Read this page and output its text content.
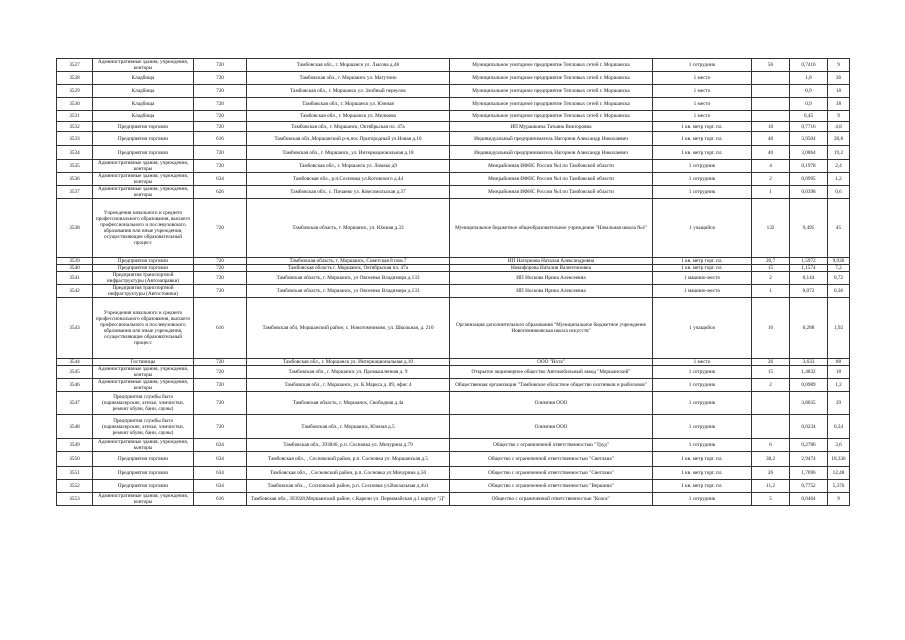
3527	Административные здания, учреждения, конторы	720	Тамбовская обл., г. Моршанск ул. Лысова д.48	Муниципальное унитарное предприятие Тепловых сетей г. Моршанска	1 сотрудник	56	0,7416	9
3528	Кладбища	720	Тамбовская обл., г. Моршанск ул. Матутино	Муниципальное унитарное предприятие Тепловых сетей г. Моршанска	1 место		1,8	36
3529	Кладбища	720	Тамбовская обл., г. Моршанск ул. Злобный переулок	Муниципальное унитарное предприятие Тепловых сетей г. Моршанска	1 место		0,9	18
3530	Кладбища	720	Тамбовская обл., г. Моршанск ул. Южная	Муниципальное унитарное предприятие Тепловых сетей г. Моршанска	1 место		0,9	18
3531	Кладбища	720	Тамбовская обл., г. Моршанск ул. Милюева	Муниципальное унитарное предприятие Тепловых сетей г. Моршанска	1 место		0,45	9
3532	Предприятия торговли	720	Тамбовская обл., г. Моршанск, Октябрьская пл. 47а	ИП Мурашкина Татьяна Викторовна	1 кв. метр торг. пл.	10	0,7716	4,8
3533	Предприятия торговли	616	Тамбовская обл.,Моршанский р-н,пос.Пригородный ул.Новая д.10	Индивидуальный предприниматель Нагорнов Александр Николаевич	1 кв. метр торг. пл.	40	3,9504	28,8
3534	Предприятия торговли	720	Тамбовская обл., г. Моршанск, ул. Интернациональная д.18	Индивидуальный предприниматель Нагорнов Александр Николаевич	1 кв. метр торг. пл.	40	3,0864	19,2
3535	Административные здания, учреждения, конторы	720	Тамбовская обл., г. Моршанск ул. Ломако д9	Межрайонная ИФНС России №4 по Тамбовской области	1 сотрудник	4	0,1978	2,4
3536	Административные здания, учреждения, конторы	634	Тамбовская обл., р.п.Сосновка ул.Котовского д.44	Межрайонная ИФНС России №4 по Тамбовской области	1 сотрудник	2	0,0995	1,2
3537	Административные здания, учреждения, конторы	626	Тамбовская обл., с. Пичаево ул. Комсомольская д.37	Межрайонная ИФНС России №4 по Тамбовской области	1 сотрудник	1	0,0398	0,6
3538	Учреждения начального и среднего профессионального образования, высшего профессионального и послевузовского образования или иные учреждения, осуществляющие образовательный процесс	720	Тамбовская область, г. Моршанск, ул. Южная д.33	Муниципальное бюджетное общеобразовательное учреждение "Начальная школа №4"	1 учащийся	132	9,495	45
3539	Предприятия торговли	720	Тамбовская область, г. Моршанск, Советская 8 пом.7	ИП Нагорнова Наталья Александровна	1 кв. метр торг. пл.	20,7	1,5972	9,936
3540	Предприятия торговли	720	Тамбовская область г. Моршанск, Октябрьская пл. 47а	Никифорова Наталия Валентиновна	1 кв. метр торг. пл.	15	1,1574	7,2
3541	Предприятия транспортной инфраструктуры (Автозаправки)	720	Тамбовская область, г. Моршанск, ул Овсеенко Владимира д.133	ИП Носкова Ирина Алексеевна	1 машино-место	2	0,144	0,72
3542	Предприятия транспортной инфраструктуры (Автостоянки)	720	Тамбовская область, г. Моршанск, ул Овсеенко Владимира д.133	ИП Носкова Ирина Алексеевна	1 машино-место	1	0,072	0,36
3543	Учреждения начального и среднего профессионального образования, высшего профессионального и послевузовского образования или иные учреждения, осуществляющие образовательный процесс	616	Тамбовская обл, Моршанский район, с. Новотомниково, ул. Школьная, д. 210	Организация дополнительного образования "Муниципальное бюджетное учреждение Новотомниковская школа искусств"	1 учащийся	16	0,288	1,92
3544	Гостиницы	720	Тамбовская обл., г. Моршанск ул. Интернациональная д.10	ООО "Нота"	1 место	26	3,633	88
3545	Административные здания, учреждения, конторы	720	Тамбовская обл., г. Моршанск ул. Промышленная д. 9	Открытое акционерное общество Автомобильный завод "Моршанский"	1 сотрудник	15	1,4832	18
3546	Административные здания, учреждения, конторы	720	Тамбовская обл., г. Моршанск, ул. К.Маркса д. 89, офис 4	Общественная организация "Тамбовское областное общество охотников и рыболовов"	1 сотрудник	2	0,0989	1,2
3547	Предприятия службы быта (парикмахерские, ателье, химчистки, ремонт обуви, бани, сауны)	720	Тамбовская область, г. Моршанск, Свободная д.4а	Олимпия ООО	1 сотрудник		3,8035	39
3548	Предприятия службы быта (парикмахерские, ателье, химчистки, ремонт обуви, бани, сауны)	720	Тамбовская обл., г. Моршанск, Южная д.5	Олимпия ООО	1 сотрудник		0,0234	0,24
3549	Административные здания, учреждения, конторы	634	Тамбовская обл., 393840, р.п. Сосновка ул. Мичурина д.79	Общество с ограниченной ответственностью "Труд"	1 сотрудник	6	0,2786	3,6
3550	Предприятия торговли	634	Тамбовская обл., , Сосновский район, р.п. Сосновка ул. Моршанская д.5	Общество с ограниченной ответственностью "Светлана"	1 кв. метр торг. пл.	38,2	2,9474	18,336
3551	Предприятия торговли	634	Тамбовская обл., , Сосновский район, р.п. Сосновка ул.Мичурина д.50	Общество с ограниченной ответственностью "Светлана"	1 кв. метр торг. пл.	26	1,7696	12,48
3552	Предприятия торговли	634	Тамбовская обл., , Сосновский район, р.п. Сосновка ул.Вокзальная д.4ч1	Общество с ограниченной ответственностью "Вершина"	1 кв. метр торг. пл.	11,2	0,7752	5,376
3553	Административные здания, учреждения, конторы	616	Тамбовская обл., 393928,Моршанский район, с.Карели ул. Первомайская д.1 корпус "Д"	Общество с ограниченной ответственностью "Колос"	1 сотрудник	5	0,0464	9
